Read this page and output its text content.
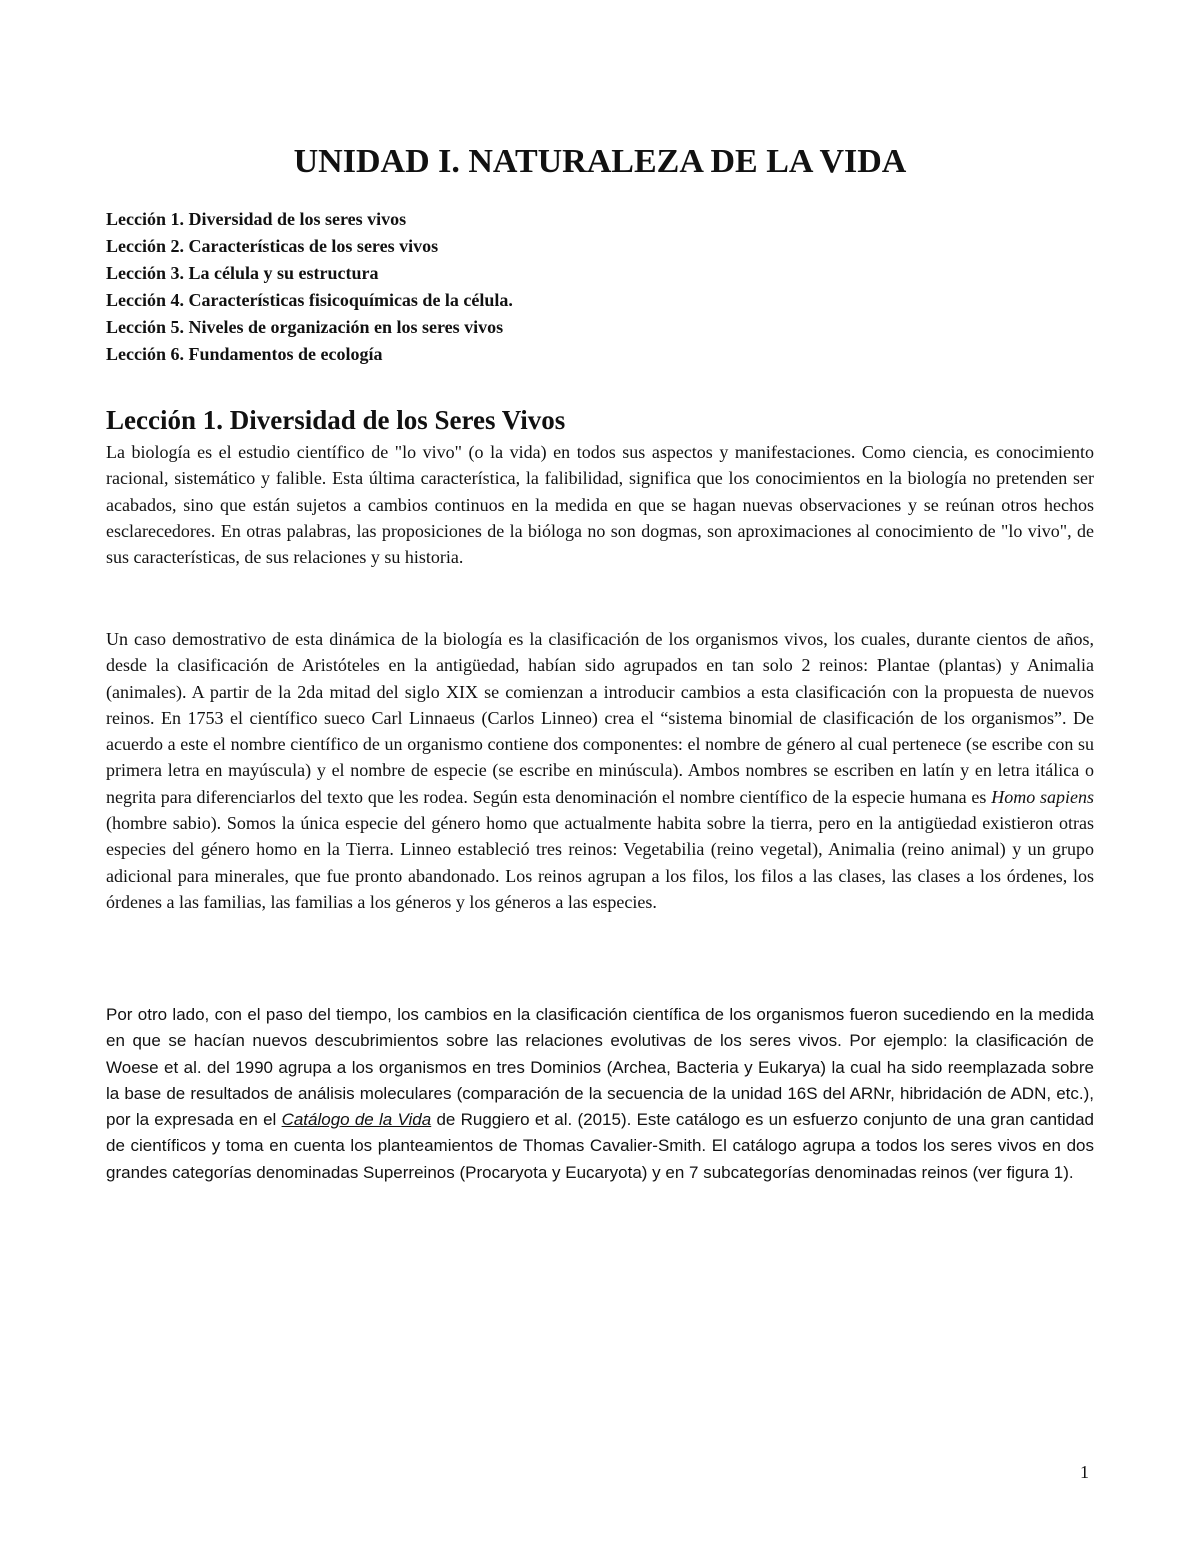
UNIDAD I. NATURALEZA DE LA VIDA
Lección 1. Diversidad de los seres vivos
Lección 2. Características de los seres vivos
Lección 3. La célula y su estructura
Lección 4. Características fisicoquímicas de la célula.
Lección 5. Niveles de organización en los seres vivos
Lección 6. Fundamentos de ecología
Lección 1. Diversidad de los Seres Vivos

La biología es el estudio científico de "lo vivo" (o la vida) en todos sus aspectos y manifestaciones. Como ciencia, es conocimiento racional, sistemático y falible. Esta última característica, la falibilidad, significa que los conocimientos en la biología no pretenden ser acabados, sino que están sujetos a cambios continuos en la medida en que se hagan nuevas observaciones y se reúnan otros hechos esclarecedores. En otras palabras, las proposiciones de la bióloga no son dogmas, son aproximaciones al conocimiento de "lo vivo", de sus características, de sus relaciones y su historia.

Un caso demostrativo de esta dinámica de la biología es la clasificación de los organismos vivos, los cuales, durante cientos de años, desde la clasificación de Aristóteles en la antigüedad, habían sido agrupados en tan solo 2 reinos: Plantae (plantas) y Animalia (animales). A partir de la 2da mitad del siglo XIX se comienzan a introducir cambios a esta clasificación con la propuesta de nuevos reinos. En 1753 el científico sueco Carl Linnaeus (Carlos Linneo) crea el “sistema binomial de clasificación de los organismos”. De acuerdo a este el nombre científico de un organismo contiene dos componentes: el nombre de género al cual pertenece (se escribe con su primera letra en mayúscula) y el nombre de especie (se escribe en minúscula). Ambos nombres se escriben en latín y en letra itálica o negrita para diferenciarlos del texto que les rodea. Según esta denominación el nombre científico de la especie humana es Homo sapiens (hombre sabio). Somos la única especie del género homo que actualmente habita sobre la tierra, pero en la antigüedad existieron otras especies del género homo en la Tierra. Linneo estableció tres reinos: Vegetabilia (reino vegetal), Animalia (reino animal) y un grupo adicional para minerales, que fue pronto abandonado. Los reinos agrupan a los filos, los filos a las clases, las clases a los órdenes, los órdenes a las familias, las familias a los géneros y los géneros a las especies.

Por otro lado, con el paso del tiempo, los cambios en la clasificación científica de los organismos fueron sucediendo en la medida en que se hacían nuevos descubrimientos sobre las relaciones evolutivas de los seres vivos. Por ejemplo: la clasificación de Woese et al. del 1990 agrupa a los organismos en tres Dominios (Archea, Bacteria y Eukarya) la cual ha sido reemplazada sobre la base de resultados de análisis moleculares (comparación de la secuencia de la unidad 16S del ARNr, hibridación de ADN, etc.), por la expresada en el Catálogo de la Vida de Ruggiero et al. (2015). Este catálogo es un esfuerzo conjunto de una gran cantidad de científicos y toma en cuenta los planteamientos de Thomas Cavalier-Smith. El catálogo agrupa a todos los seres vivos en dos grandes categorías denominadas Superreinos (Procaryota y Eucaryota) y en 7 subcategorías denominadas reinos (ver figura 1).

1
